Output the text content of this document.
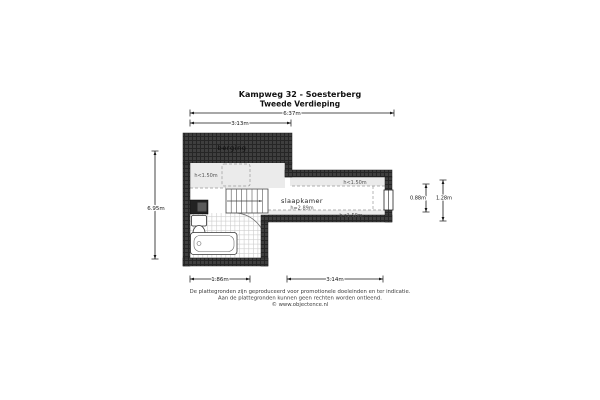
Kampweg 32 - Soesterberg
Tweede Verdieping
6.37m
3.13m
6.95m
berging
h<1.50m
slaapkamer
h=2.89m
h<1.50m
h<1.50m
0.88m 1.28m
1.86m	3.14m
De plattegronden zijn geproduceerd voor promotionele doeleinden en ter indicatie.
Aan de plattegronden kunnen geen rechten worden ontleend.
© www.objectence.nl
